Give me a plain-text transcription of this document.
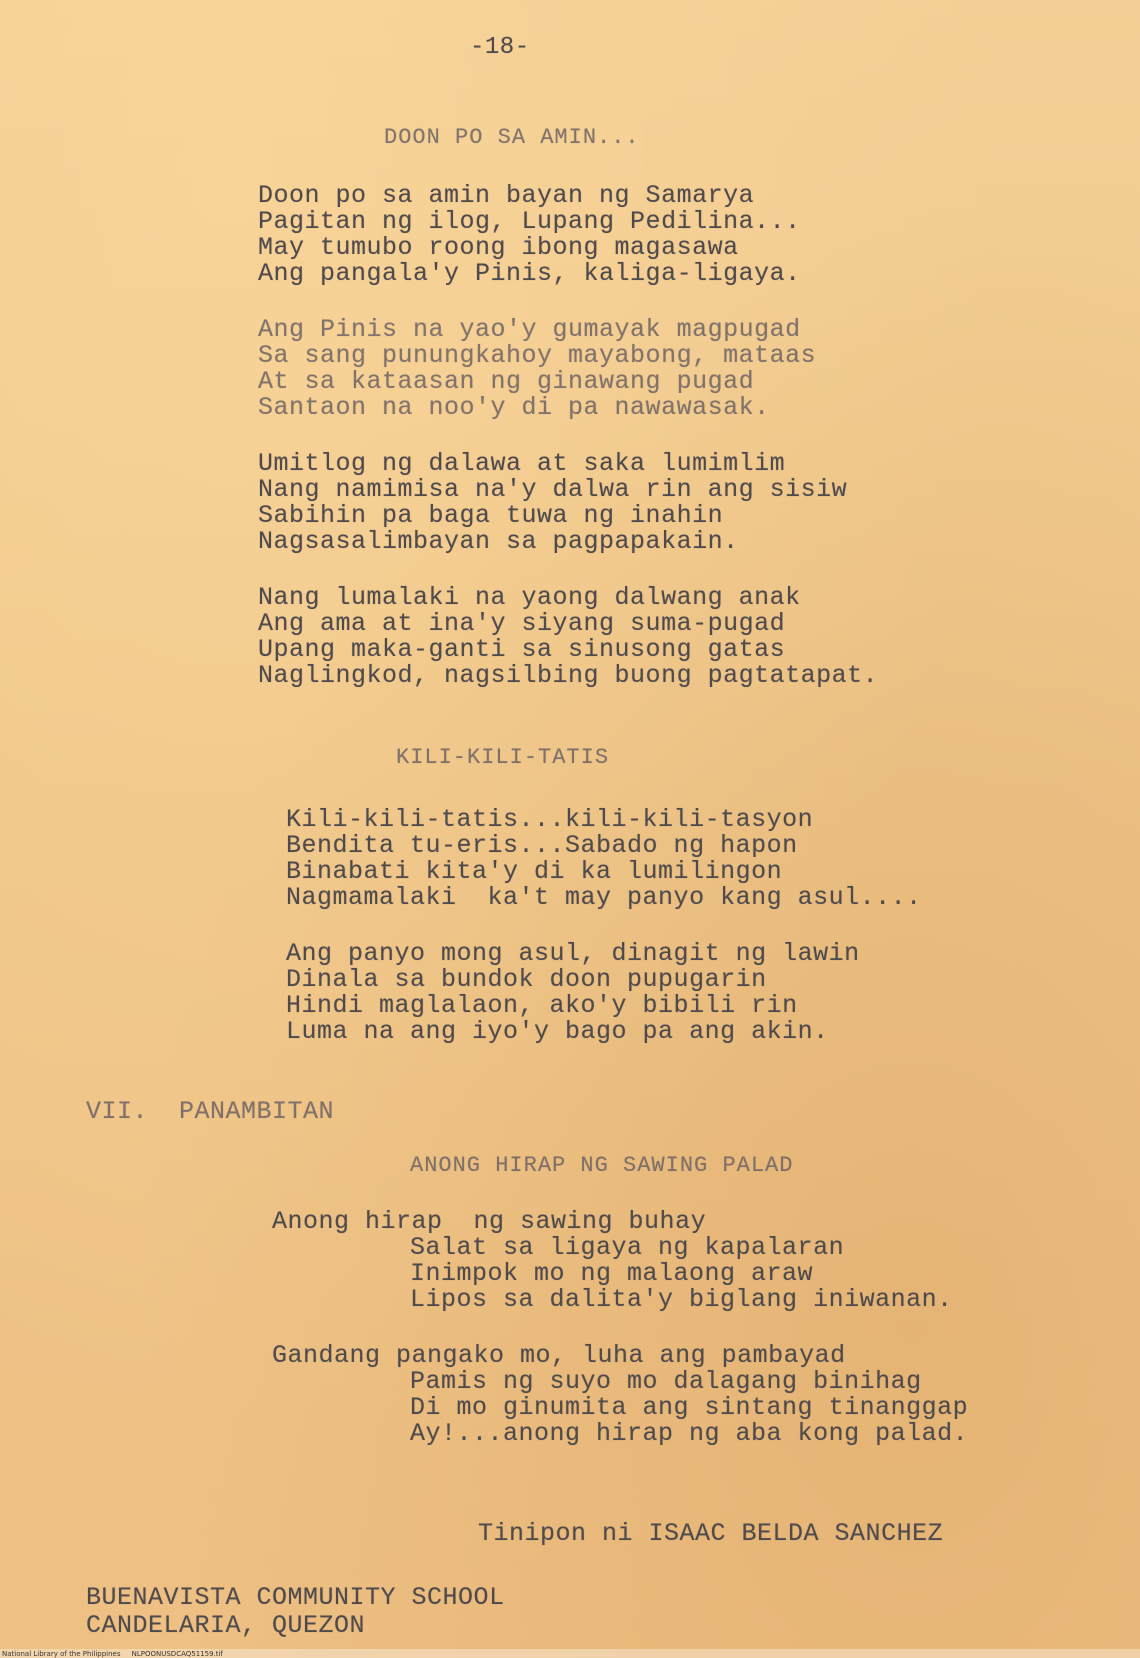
-18-
DOON PO SA AMIN...
Doon po sa amin bayan ng Samarya
Pagitan ng ilog, Lupang Pedilina...
May tumubo roong ibong magasawa
Ang pangala'y Pinis, kaliga-ligaya.
Ang Pinis na yao'y gumayak magpugad
Sa sang punungkahoy mayabong, mataas
At sa kataasan ng ginawang pugad
Santaon na noo'y di pa nawawasak.
Umitlog ng dalawa at saka lumimlim
Nang namimisa na'y dalwa rin ang sisiw
Sabihin pa baga tuwa ng inahin
Nagsasalimbayan sa pagpapakain.
Nang lumalaki na yaong dalwang anak
Ang ama at ina'y siyang suma-pugad
Upang maka-ganti sa sinusong gatas
Naglingkod, nagsilbing buong pagtatapat.
KILI-KILI-TATIS
Kili-kili-tatis...kili-kili-tasyon
Bendita tu-eris...Sabado ng hapon
Binabati kita'y di ka lumilingon
Nagmamalaki  ka't may panyo kang asul....
Ang panyo mong asul, dinagit ng lawin
Dinala sa bundok doon pupugarin
Hindi maglalaon, ako'y bibili rin
Luma na ang iyo'y bago pa ang akin.
VII.  PANAMBITAN
ANONG HIRAP NG SAWING PALAD
Anong hirap  ng sawing buhay
Salat sa ligaya ng kapalaran
Inimpok mo ng malaong araw
Lipos sa dalita'y biglang iniwanan.
Gandang pangako mo, luha ang pambayad
Pamis ng suyo mo dalagang binihag
Di mo ginumita ang sintang tinanggap
Ay!...anong hirap ng aba kong palad.
Tinipon ni ISAAC BELDA SANCHEZ
BUENAVISTA COMMUNITY SCHOOL
CANDELARIA, QUEZON
National Library of the Philippines     NLPOONUSDCAQ51159.tif
